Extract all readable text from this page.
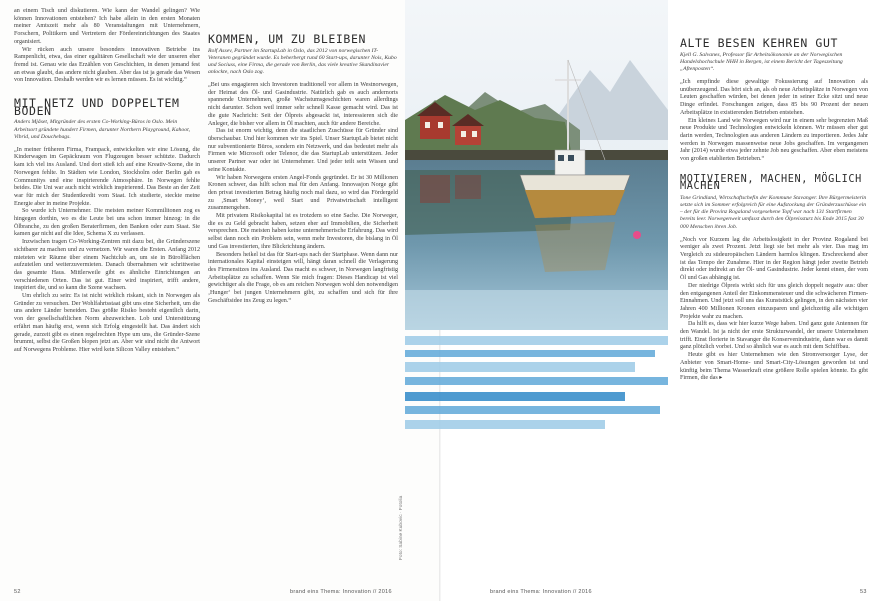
an einem Tisch und diskutieren. Wie kann der Wandel gelingen? Wie können Innovationen entstehen? Ich habe allein in den ersten Monaten meiner Amtszeit mehr als 80 Veranstaltungen mit Unternehmern, Forschern, Politikern und Vertretern der Fördereinrichtungen des Staates organisiert.

Wir rücken auch unsere besonders innovativen Betriebe ins Rampenlicht, etwa, das einer egalitären Gesellschaft wie der unseren eher fremd ist. Genau wie das Erzählen von Geschichten, in denen jemand fest an etwas glaubt, das andere nicht glauben. Aber das ist ja gerade das Wesen von Innovation. Deshalb werden wir es lernen müssen. Es ist wichtig.“

MIT NETZ UND DOPPELTEM BODEN

Anders Mjåset, Mitgründer des ersten Co-Working-Büros in Oslo. Mein Arbeitsort gründete hundert Firmen, darunter Northern Playground, Kahoot, Vibrid, und Douchebags.

„In meiner früheren Firma, Frampack, entwickelten wir eine Lösung, die Kinderwagen im Gepäckraum von Flugzeugen besser schützte. Dadurch kam ich viel ins Ausland. Und dort stieß ich auf eine Kreativ-Szene, die in Norwegen fehlte. In Städten wie London, Stockholm oder Berlin gab es Communitys und eine inspirierende Atmosphäre. In Norwegen fehlte beides. Die Uni war auch nicht wirklich inspirierend. Das Beste an der Zeit war für mich der Studentkredit vom Staat. Ich studierte, steckte meine Energie aber in meine Projekte.

So wurde ich Unternehmer. Die meisten meiner Kommilitonen zog es hingegen dorthin, wo es die Leute bei uns schon immer hinzog: in die Ölbranche, zu den großen Beraterfirmen, den Banken oder zum Staat. Sie kamen gar nicht auf die Idee, Schema X zu verlassen.

Inzwischen tragen Co-Working-Zentren mit dazu bei, die Gründerszene sichtbarer zu machen und zu vernetzen. Wir waren die Ersten. Anfang 2012 mieteten wir Räume über einem Nachtclub an, um sie in Bürolflächen aufzuteilen und weiterzuvermieten. Danach übernahmen wir schrittweise das gesamte Haus. Mittlerweile gibt es ähnliche Einrichtungen an verschiedenen Orten. Das ist gut. Einer wird inspiriert, trifft andere, inspiriert die, und so kann die Szene wachsen.

Um ehrlich zu sein: Es ist nicht wirklich riskant, sich in Norwegen als Gründer zu versuchen. Der Wohlfahrtsstaat gibt uns eine Sicherheit, um die uns andere Länder beneiden. Das größte Risiko besteht eigentlich darin, von der gesellschaftlichen Norm abzuweichen. Lob und Unterstützung erfährt man häufig erst, wenn sich Erfolg eingestellt hat. Das ändert sich gerade, zurzeit gibt es einen regelrechten Hype um uns, die Gründer-Szene brummt, selbst die Großen blopen jetzt an. Aber wir sind nicht die Antwort auf Norwegens Probleme. Hier wird kein Silicon Valley entstehen.“

KOMMEN, UM ZU BLEIBEN

Rolf Assev, Partner im StartupLab in Oslo, das 2012 von norwegischen IT-Veteranen gegründet wurde. Es beherbergt rund 60 Start-ups, darunter Nois, Kubo und Sociuss, eine Firma, die gerade von Berlin, das viele kreative Skandinavier anlockte, nach Oslo zog.

„Bei uns engagieren sich Investoren traditionell vor allem in Westnorwegen, der Heimat des Öl- und Gasindustrie. Natürlich gab es auch andernorts spannende Unternehmen, große Wachstumsgeschichten waren allerdings nicht darunter. Schon weil immer sehr schnell Kasse gemacht wird. Das ist die gute Nachricht: Seit der Ölpreis abgesackt ist, interessieren sich die Anleger, die bisher vor allem in Öl machten, auch für andere Bereiche.

Das ist enorm wichtig, denn die staatlichen Zuschüsse für Gründer sind überschaubar. Und hier kommen wir ins Spiel. Unser StartupLab bietet nicht nur subventionierte Büros, sondern ein Netzwerk, und das bedeutet mehr als Firmen wie Microsoft oder Telenor, die das StartupLab unterstützen. Jeder unserer Partner war oder ist Unternehmer. Und jeder teilt sein Wissen und seine Kontakte.

Wir haben Norwegens ersten Angel-Fonds gegründet. Er ist 30 Millionen Kronen schwer, das hilft schon mal für den Anfang. Innovasjon Norge gibt den privat investierten Betrag häufig noch mal dazu, so wird das Fördergeld zu ‚Smart Money‘, weil Start und Privatwirtschaft intelligent zusammengehen.

Mit privatem Risikokapital ist es trotzdem so eine Sache. Die Norweger, die es zu Geld gebracht haben, setzen eher auf Immobilien, die Sicherheit versprechen. Die meisten haben keine unternehmerische Erfahrung. Das wird selbst dann noch ein Problem sein, wenn mehr Investoren, die bislang in Öl und Gas investierten, ihre Blickrichtung ändern.

Besonders heikel ist das für Start-ups nach der Startphase. Wenn dann nur internationales Kapital einsteigen will, hängt daran schnell die Verlagerung des Firmensitzes ins Ausland. Das macht es schwer, in Norwegen langfristig Arbeitsplätze zu schaffen. Wenn Sie mich fragen: Dieses Handicap ist viel gewichtiger als die Frage, ob es am reichen Norwegen wohl den notwendigen ‚Hunger‘ bei jungen Unternehmern gibt, zu schaffen und sich für ihre Geschäftsidee ins Zeug zu legen.“

Foto: Sabine Kubovic · Fotolia
52	brand eins Thema: Innovation // 2016
ALTE BESEN KEHREN GUT

Kjell G. Salvanes, Professor für Arbeitsökonomie an der Norwegischen Handelshochschule NHH in Bergen, ist einem Bericht der Tageszeitung „Aftenposten“.

„Ich empfinde diese gewaltige Fokussierung auf Innovation als unüberzeugend. Das hört sich an, als ob neue Arbeitsplätze in Norwegen von Leuten geschaffen würden, bei denen jeder in seiner Ecke sitzt und neue Dinge erfindet. Forschungen zeigen, dass 85 bis 90 Prozent der neuen Arbeitsplätze in existierenden Betrieben entstehen.

Ein kleines Land wie Norwegen wird nur in einem sehr begrenzten Maß neue Produkte und Technologien entwickeln können. Wir müssen eher gut darin werden, Technologien aus anderen Ländern zu importieren. Jedes Jahr werden in Norwegen massenweise neue Jobs geschaffen. Im vergangenen Jahr (2014) wurde etwa jeder zehnte Job neu geschaffen. Aber eben meistens von großen etablierten Betrieben.“

MOTIVIEREN, MACHEN, MÖGLICH MACHEN

Tone Grindland, Wirtschaftschefin der Kommune Stavanger. Ihre Bürgermeisterin setzte sich im Sommer erfolgreich für eine Aufstockung der Gründerzuschüsse ein – der für die Provinz Rogaland vorgesehene Topf war nach 131 Startfirmen bereits leer. Norwegenweit umfasst durch den Ölpreissturz bis Ende 2015 fast 30 000 Menschen ihren Job.

„Noch vor Kurzem lag die Arbeitslosigkeit in der Provinz Rogaland bei weniger als zwei Prozent. Jetzt liegt sie bei mehr als vier. Das mag im Vergleich zu südeuropäischen Ländern harmlos klingen. Erschreckend aber ist das Tempo der Zunahme. Hier in der Region hängt jeder zweite Betrieb direkt oder indirekt an der Öl- und Gasindustrie. Jeder kennt einen, der vom Öl und Gas abhängig ist.

Der niedrige Ölpreis wirkt sich für uns gleich doppelt negativ aus: über den entgangenen Anteil der Einkommensteuer und die schwächeren Firmen-Einnahmen. Und jetzt soll uns das Kunststück gelingen, in den nächsten vier Jahren 400 Millionen Kronen einzusparen und gleichzeitig alle wichtigen Projekte wahr zu machen.

Da hilft es, dass wir hier kurze Wege haben. Und ganz gute Antennen für den Wandel. Ist ja nicht der erste Strukturwandel, der unsere Unternehmen trifft. Einst florierte in Stavanger die Konservenindustrie, dann war es damit ganz plötzlich vorbei. Und so ähnlich war es auch mit dem Schiffbau.

Heute gibt es hier Unternehmen wie den Stromversorger Lyse, der Anbieter von Smart-Home- und Smart-City-Lösungen geworden ist und künftig beim Thema Wasserkraft eine größere Rolle spielen könnte. Es gibt Firmen, die das ▸

brand eins Thema: Innovation // 2016	53
